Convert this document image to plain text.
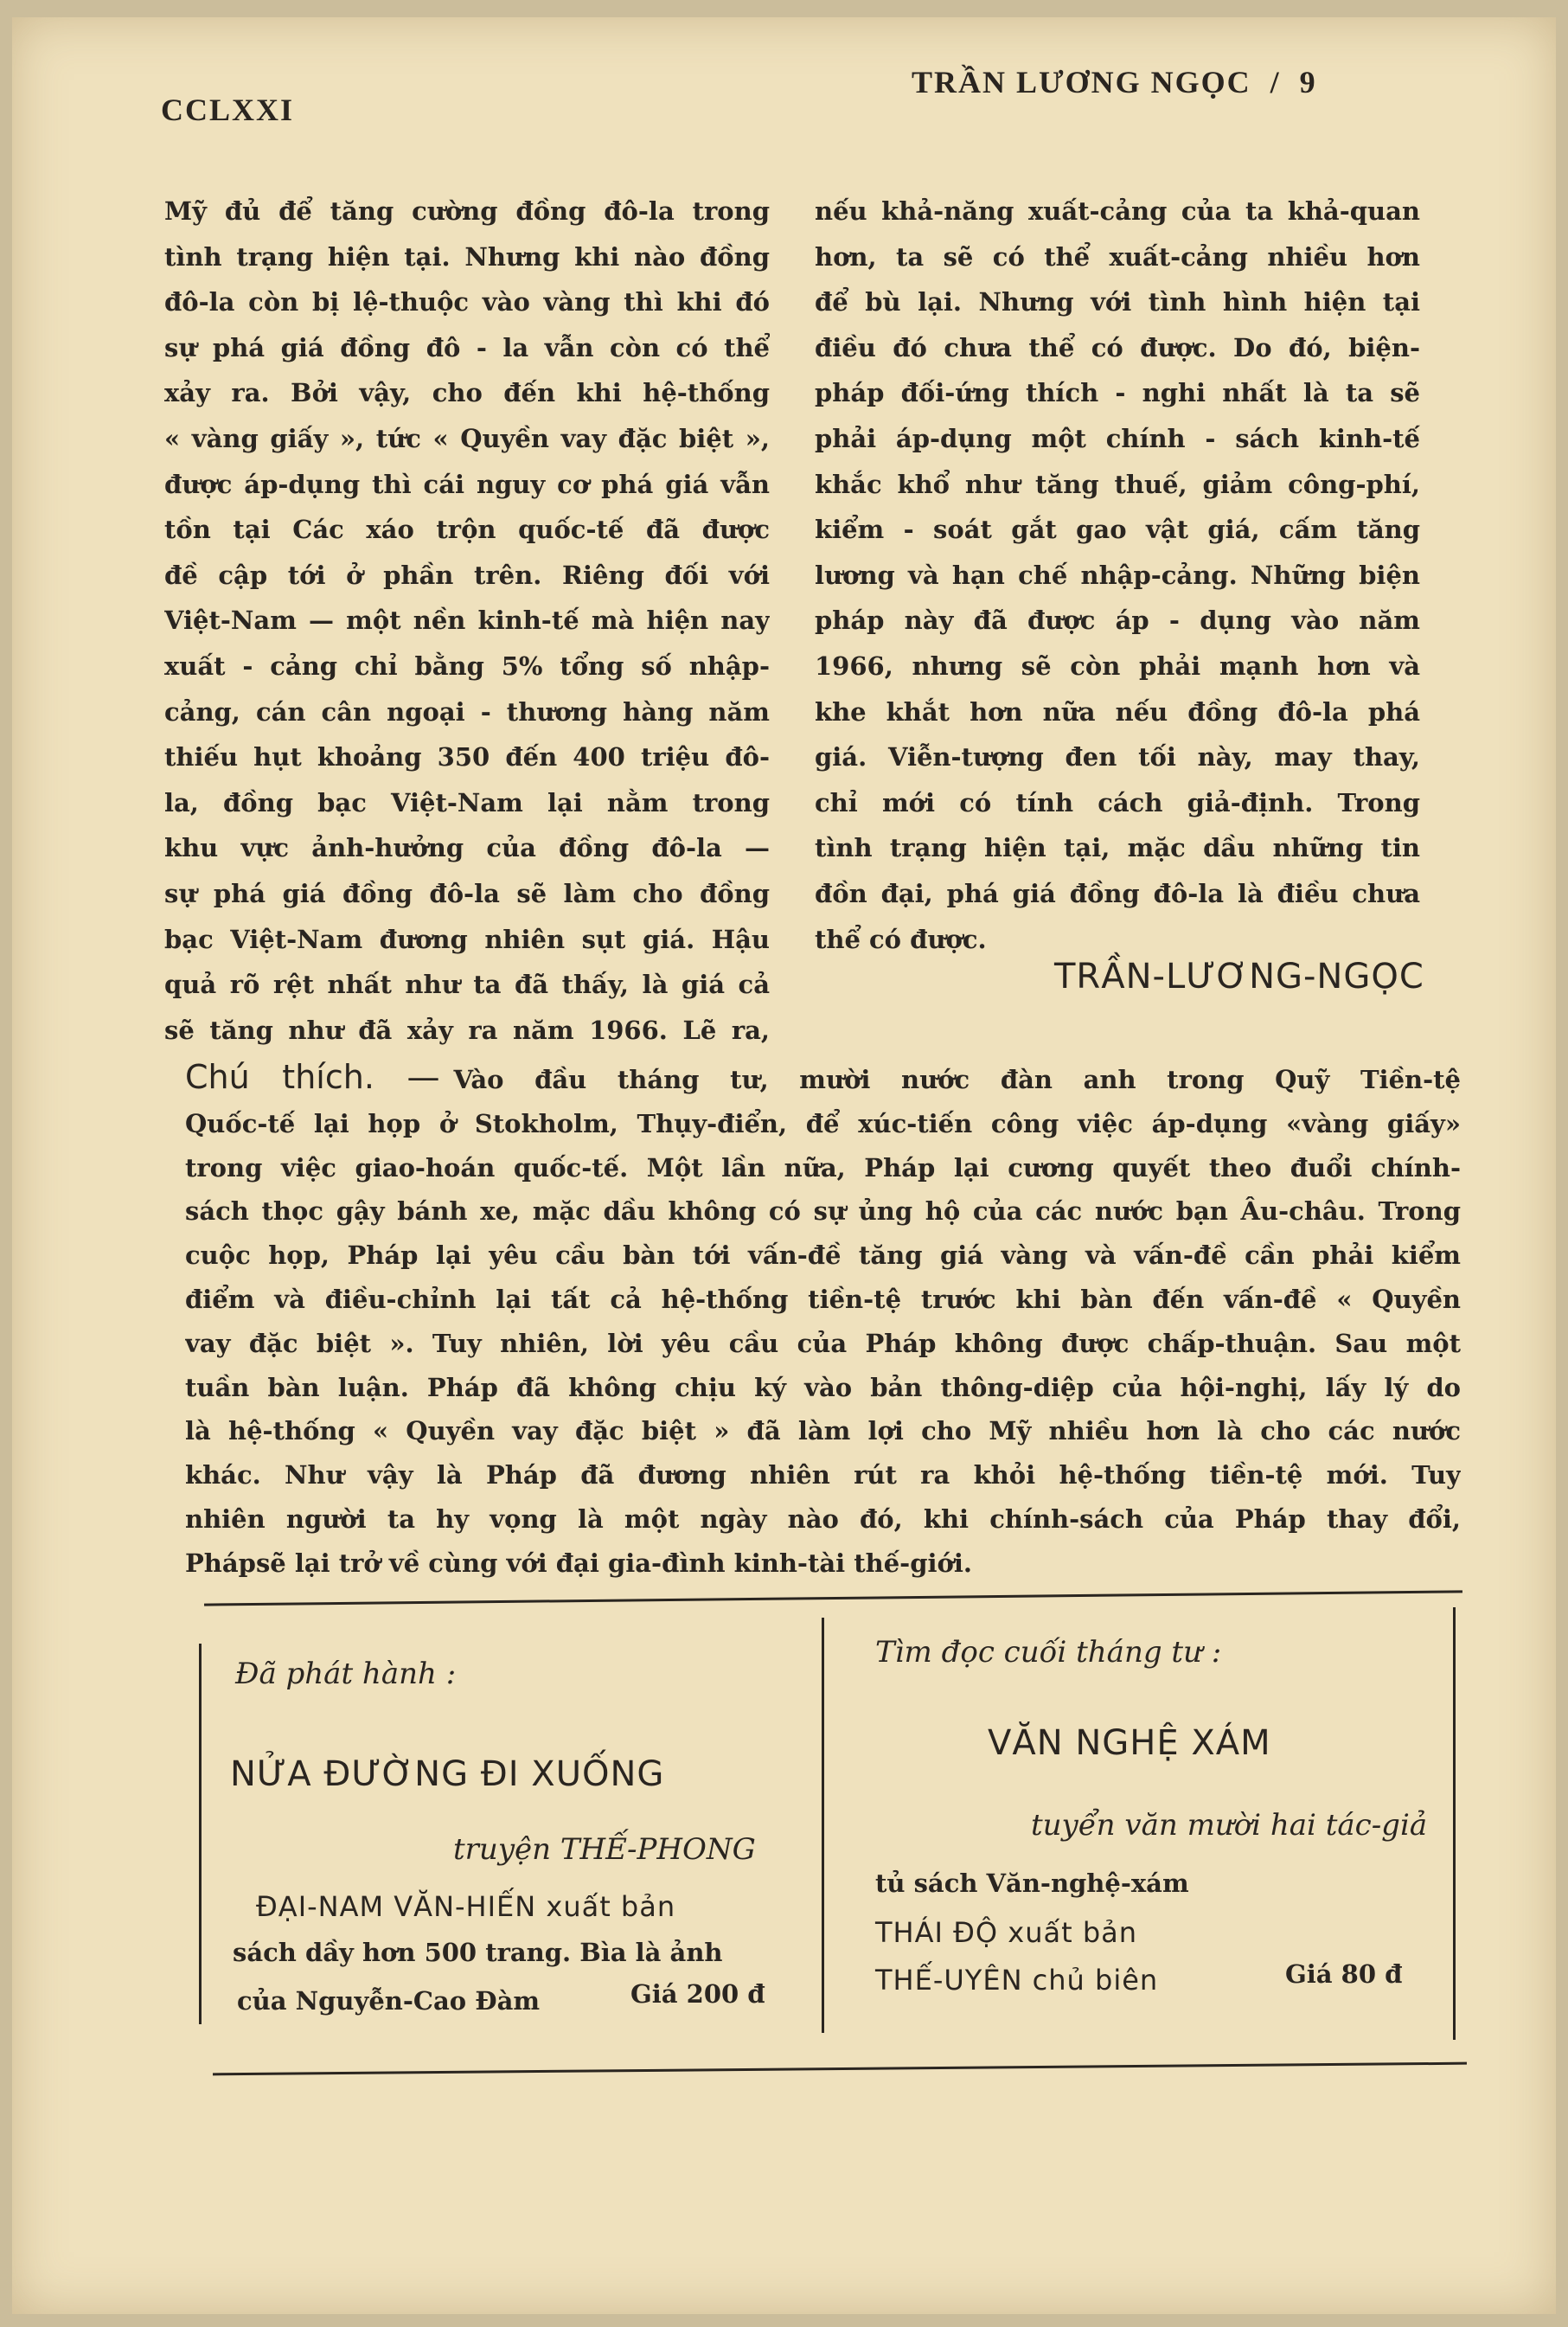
CCLXXI
TRẦN LƯƠNG NGỌC  /  9
Mỹ đủ để tăng cường đồng đô-la trong
tình trạng hiện tại. Nhưng khi nào đồng
đô-la còn bị lệ-thuộc vào vàng thì khi đó
sự phá giá đồng đô - la vẫn còn có thể
xảy ra. Bởi vậy, cho đến khi hệ-thống
« vàng giấy », tức « Quyền vay đặc biệt »,
được áp-dụng thì cái nguy cơ phá giá vẫn
tồn tại Các xáo trộn quốc-tế đã được
đề cập tới ở phần trên. Riêng đối với
Việt-Nam — một nền kinh-tế mà hiện nay
xuất - cảng chỉ bằng 5% tổng số nhập-
cảng, cán cân ngoại - thương hàng năm
thiếu hụt khoảng 350 đến 400 triệu đô-
la, đồng bạc Việt-Nam lại nằm trong
khu vực ảnh-hưởng của đồng đô-la —
sự phá giá đồng đô-la sẽ làm cho đồng
bạc Việt-Nam đương nhiên sụt giá. Hậu
quả rõ rệt nhất như ta đã thấy, là giá cả
sẽ tăng như đã xảy ra năm 1966. Lẽ ra,
nếu khả-năng xuất-cảng của ta khả-quan
hơn, ta sẽ có thể xuất-cảng nhiều hơn
để bù lại. Nhưng với tình hình hiện tại
điều đó chưa thể có được. Do đó, biện-
pháp đối-ứng thích - nghi nhất là ta sẽ
phải áp-dụng một chính - sách kinh-tế
khắc khổ như tăng thuế, giảm công-phí,
kiểm - soát gắt gao vật giá, cấm tăng
lương và hạn chế nhập-cảng. Những biện
pháp này đã được áp - dụng vào năm
1966, nhưng sẽ còn phải mạnh hơn và
khe khắt hơn nữa nếu đồng đô-la phá
giá. Viễn-tượng đen tối này, may thay,
chỉ mới có tính cách giả-định. Trong
tình trạng hiện tại, mặc dầu những tin
đồn đại, phá giá đồng đô-la là điều chưa
thể có được.
TRẦN-LƯƠNG-NGỌC
Chú thích. — Vào đầu tháng tư, mười nước đàn anh trong Quỹ Tiền-tệ
Quốc-tế lại họp ở Stokholm, Thụy-điển, để xúc-tiến công việc áp-dụng «vàng giấy»
trong việc giao-hoán quốc-tế. Một lần nữa, Pháp lại cương quyết theo đuổi chính-
sách thọc gậy bánh xe, mặc dầu không có sự ủng hộ của các nước bạn Âu-châu. Trong
cuộc họp, Pháp lại yêu cầu bàn tới vấn-đề tăng giá vàng và vấn-đề cần phải kiểm
điểm và điều-chỉnh lại tất cả hệ-thống tiền-tệ trước khi bàn đến vấn-đề « Quyền
vay đặc biệt ». Tuy nhiên, lời yêu cầu của Pháp không được chấp-thuận. Sau một
tuần bàn luận. Pháp đã không chịu ký vào bản thông-diệp của hội-nghị, lấy lý do
là hệ-thống « Quyền vay đặc biệt » đã làm lợi cho Mỹ nhiều hơn là cho các nước
khác. Như vậy là Pháp đã đương nhiên rút ra khỏi hệ-thống tiền-tệ mới. Tuy
nhiên người ta hy vọng là một ngày nào đó, khi chính-sách của Pháp thay đổi,
Phápsẽ lại trở về cùng với đại gia-đình kinh-tài thế-giới.
Đã phát hành :
NỬA ĐƯỜNG ĐI XUỐNG
truyện THẾ-PHONG
ĐẠI-NAM VĂN-HIẾN xuất bản
sách dầy hơn 500 trang. Bìa là ảnh
của Nguyễn-Cao Đàm	Giá 200 đ
Tìm đọc cuối tháng tư :
VĂN NGHỆ XÁM
tuyển văn mười hai tác-giả
tủ sách Văn-nghệ-xám
THÁI ĐỘ xuất bản
THẾ-UYÊN chủ biên	Giá 80 đ
